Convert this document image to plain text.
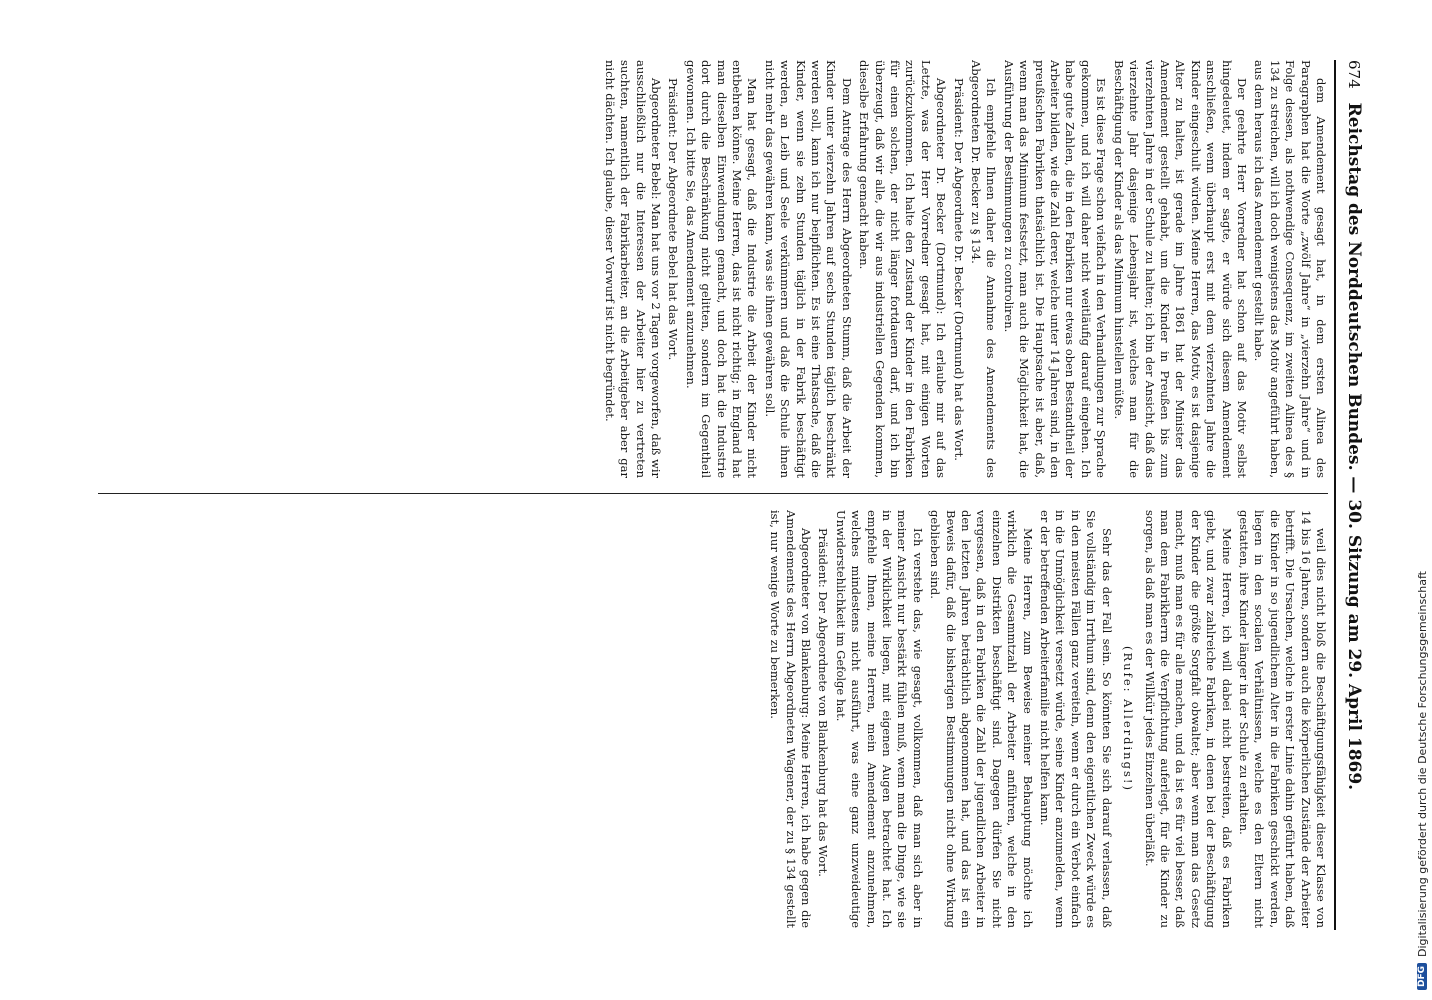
674
Reichstag des Norddeutschen Bundes. — 30. Sitzung am 29. April 1869.

dem Amendement gesagt hat, in dem ersten Alinea des Paragraphen hat die Worte „zwölf Jahre“ in „vierzehn Jahre“ und in Folge dessen, als nothwendige Consequenz, im zweiten Alinea des § 134 zu streichen, will ich doch wenigstens das Motiv angeführt haben, aus dem heraus ich das Amendement gestellt habe.

Der geehrte Herr Vorredner hat schon auf das Motiv selbst hingedeutet, indem er sagte, er würde sich diesem Amendement anschließen, wenn überhaupt erst mit dem vierzehnten Jahre die Kinder eingeschult würden. Meine Herren, das Motiv, es ist dasjenige Alter zu halten, ist gerade im Jahre 1861 hat der Minister das Amendement gestellt gehabt, um die Kinder in Preußen bis zum vierzehnten Jahre in der Schule zu halten; ich bin der Ansicht, daß das vierzehnte Jahr dasjenige Lebensjahr ist, welches man für die Beschäftigung der Kinder als das Minimum hinstellen müßte.

Es ist diese Frage schon vielfach in den Verhandlungen zur Sprache gekommen, und ich will daher nicht weitläufig darauf eingehen. Ich habe gute Zahlen, die in den Fabriken nur etwas oben Bestandtheil der Arbeiter bilden, wie die Zahl derer, welche unter 14 Jahren sind, in den preußischen Fabriken thatsächlich ist. Die Hauptsache ist aber, daß, wenn man das Minimum festsetzt, man auch die Möglichkeit hat, die Ausführung der Bestimmungen zu controliren.

Ich empfehle Ihnen daher die Annahme des Amendements des Abgeordneten Dr. Becker zu § 134.

Präsident: Der Abgeordnete Dr. Becker (Dortmund) hat das Wort.

Abgeordneter Dr. Becker (Dortmund): Ich erlaube mir auf das Letzte, was der Herr Vorredner gesagt hat, mit einigen Worten zurückzukommen. Ich halte den Zustand der Kinder in den Fabriken für einen solchen, der nicht länger fortdauern darf, und ich bin überzeugt, daß wir alle, die wir aus industriellen Gegenden kommen, dieselbe Erfahrung gemacht haben.

Dem Antrage des Herrn Abgeordneten Stumm, daß die Arbeit der Kinder unter vierzehn Jahren auf sechs Stunden täglich beschränkt werden soll, kann ich nur beipflichten. Es ist eine Thatsache, daß die Kinder, wenn sie zehn Stunden täglich in der Fabrik beschäftigt werden, an Leib und Seele verkümmern und daß die Schule ihnen nicht mehr das gewähren kann, was sie ihnen gewähren soll.

Man hat gesagt, daß die Industrie die Arbeit der Kinder nicht entbehren könne. Meine Herren, das ist nicht richtig; in England hat man dieselben Einwendungen gemacht, und doch hat die Industrie dort durch die Beschränkung nicht gelitten, sondern im Gegentheil gewonnen. Ich bitte Sie, das Amendement anzunehmen.

Präsident: Der Abgeordnete Bebel hat das Wort.

Abgeordneter Bebel: Man hat uns vor 2 Tagen vorgeworfen, daß wir ausschließlich nur die Interessen der Arbeiter hier zu vertreten suchten, namentlich der Fabrikarbeiter, an die Arbeitgeber aber gar nicht dächten. Ich glaube, dieser Vorwurf ist nicht begründet.

weil dies nicht bloß die Beschäftigungsfähigkeit dieser Klasse von 14 bis 16 Jahren, sondern auch die körperlichen Zustände der Arbeiter betrifft. Die Ursachen, welche in erster Linie dahin geführt haben, daß die Kinder in so jugendlichem Alter in die Fabriken geschickt werden, liegen in den socialen Verhältnissen, welche es den Eltern nicht gestatten, ihre Kinder länger in der Schule zu erhalten.

Meine Herren, ich will dabei nicht bestreiten, daß es Fabriken giebt, und zwar zahlreiche Fabriken, in denen bei der Beschäftigung der Kinder die größte Sorgfalt obwaltet; aber wenn man das Gesetz macht, muß man es für alle machen, und da ist es für viel besser, daß man dem Fabrikherrn die Verpflichtung auferlegt, für die Kinder zu sorgen, als daß man es der Willkür jedes Einzelnen überläßt.

(Rufe: Allerdings!)

Sehr das der Fall sein. So könnten Sie sich darauf verlassen, daß Sie vollständig im Irrthum sind, denn den eigentlichen Zweck würde es in den meisten Fällen ganz vereiteln, wenn er durch ein Verbot einfach in die Unmöglichkeit versetzt würde, seine Kinder anzumelden, wenn er der betreffenden Arbeiterfamilie nicht helfen kann.

Meine Herren, zum Beweise meiner Behauptung möchte ich wirklich die Gesammtzahl der Arbeiter anführen, welche in den einzelnen Distrikten beschäftigt sind. Dagegen dürfen Sie nicht vergessen, daß in den Fabriken die Zahl der jugendlichen Arbeiter in den letzten Jahren beträchtlich abgenommen hat, und das ist ein Beweis dafür, daß die bisherigen Bestimmungen nicht ohne Wirkung geblieben sind.

Ich verstehe das, wie gesagt, vollkommen, daß man sich aber in meiner Ansicht nur bestärkt fühlen muß, wenn man die Dinge, wie sie in der Wirklichkeit liegen, mit eigenen Augen betrachtet hat. Ich empfehle Ihnen, meine Herren, mein Amendement anzunehmen, welches mindestens nicht ausführt, was eine ganz unzweideutige Unwiderstehlichkeit im Gefolge hat.

Präsident: Der Abgeordnete von Blankenburg hat das Wort.

Abgeordneter von Blankenburg: Meine Herren, ich habe gegen die Amendements des Herrn Abgeordneten Wagener, der zu § 134 gestellt ist, nur wenige Worte zu bemerken.

DFG
Digitalisierung gefördert durch die Deutsche Forschungsgemeinschaft
